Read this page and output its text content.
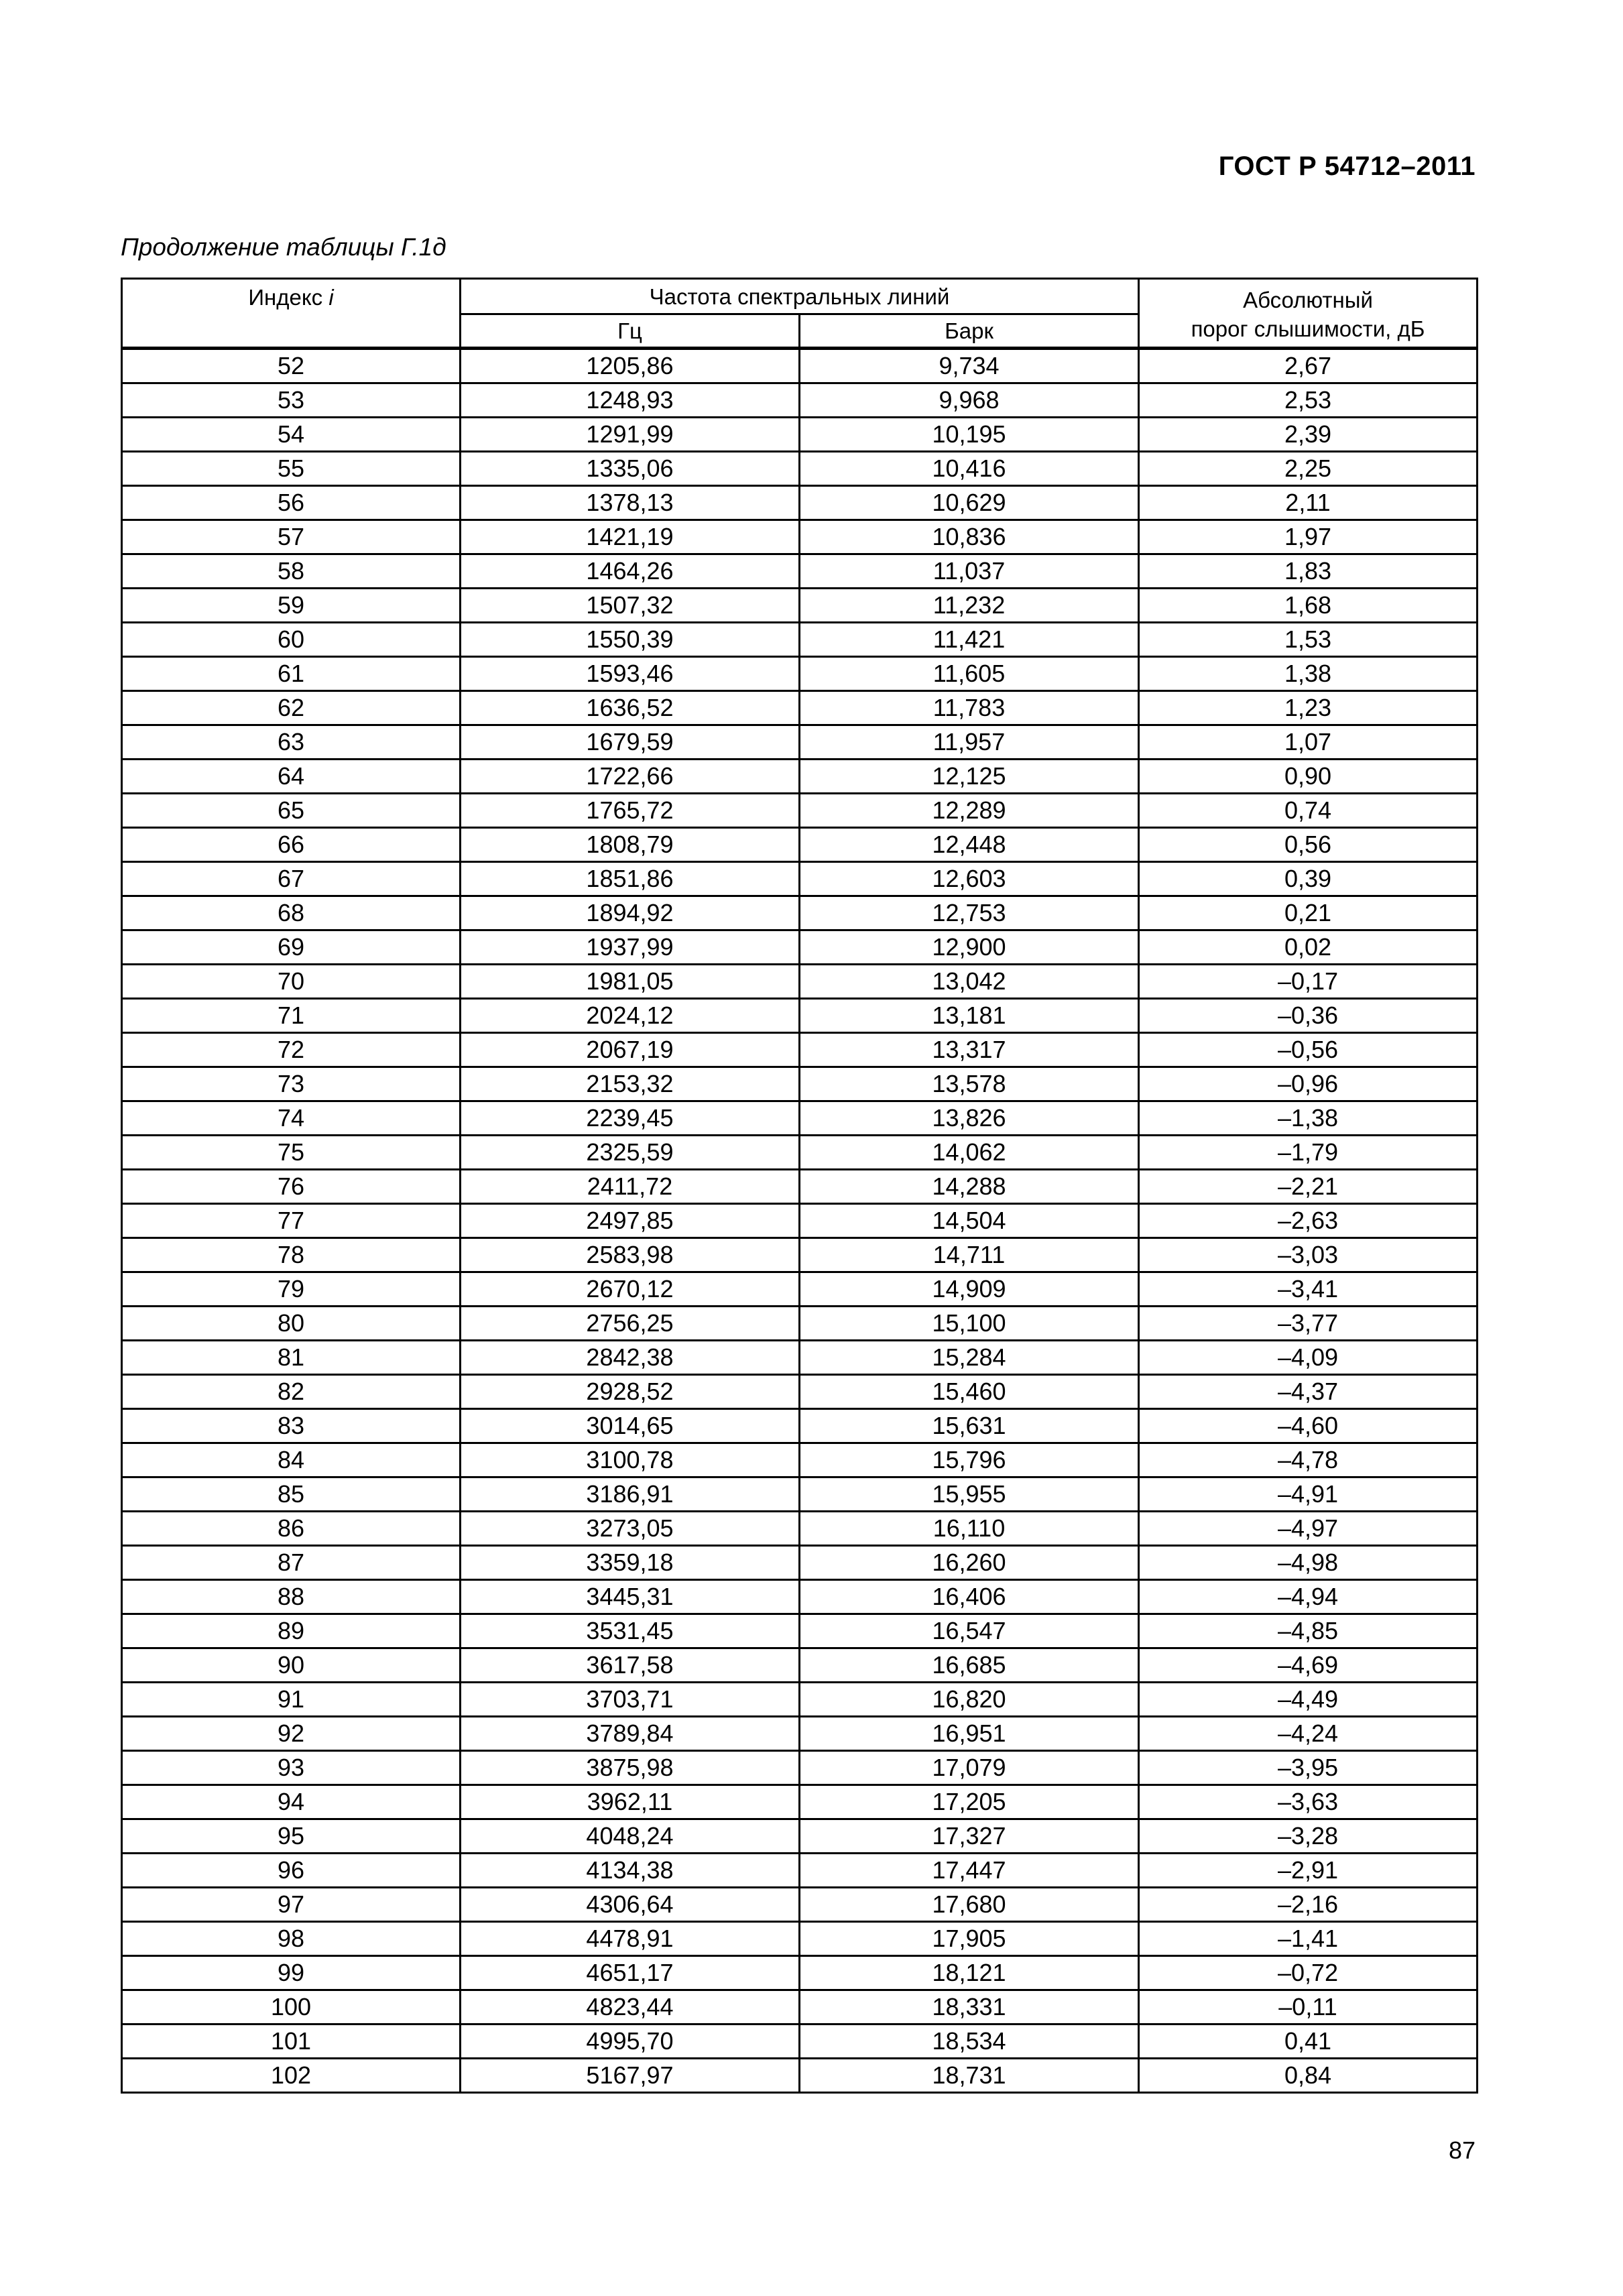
ГОСТ Р 54712–2011
Продолжение таблицы Г.1д
Индекс i	Частота спектральных линий		Абсолютный
порог слышимости, дБ
	Гц	Барк	
52	1205,86	9,734	2,67
53	1248,93	9,968	2,53
54	1291,99	10,195	2,39
55	1335,06	10,416	2,25
56	1378,13	10,629	2,11
57	1421,19	10,836	1,97
58	1464,26	11,037	1,83
59	1507,32	11,232	1,68
60	1550,39	11,421	1,53
61	1593,46	11,605	1,38
62	1636,52	11,783	1,23
63	1679,59	11,957	1,07
64	1722,66	12,125	0,90
65	1765,72	12,289	0,74
66	1808,79	12,448	0,56
67	1851,86	12,603	0,39
68	1894,92	12,753	0,21
69	1937,99	12,900	0,02
70	1981,05	13,042	–0,17
71	2024,12	13,181	–0,36
72	2067,19	13,317	–0,56
73	2153,32	13,578	–0,96
74	2239,45	13,826	–1,38
75	2325,59	14,062	–1,79
76	2411,72	14,288	–2,21
77	2497,85	14,504	–2,63
78	2583,98	14,711	–3,03
79	2670,12	14,909	–3,41
80	2756,25	15,100	–3,77
81	2842,38	15,284	–4,09
82	2928,52	15,460	–4,37
83	3014,65	15,631	–4,60
84	3100,78	15,796	–4,78
85	3186,91	15,955	–4,91
86	3273,05	16,110	–4,97
87	3359,18	16,260	–4,98
88	3445,31	16,406	–4,94
89	3531,45	16,547	–4,85
90	3617,58	16,685	–4,69
91	3703,71	16,820	–4,49
92	3789,84	16,951	–4,24
93	3875,98	17,079	–3,95
94	3962,11	17,205	–3,63
95	4048,24	17,327	–3,28
96	4134,38	17,447	–2,91
97	4306,64	17,680	–2,16
98	4478,91	17,905	–1,41
99	4651,17	18,121	–0,72
100	4823,44	18,331	–0,11
101	4995,70	18,534	0,41
102	5167,97	18,731	0,84
87
